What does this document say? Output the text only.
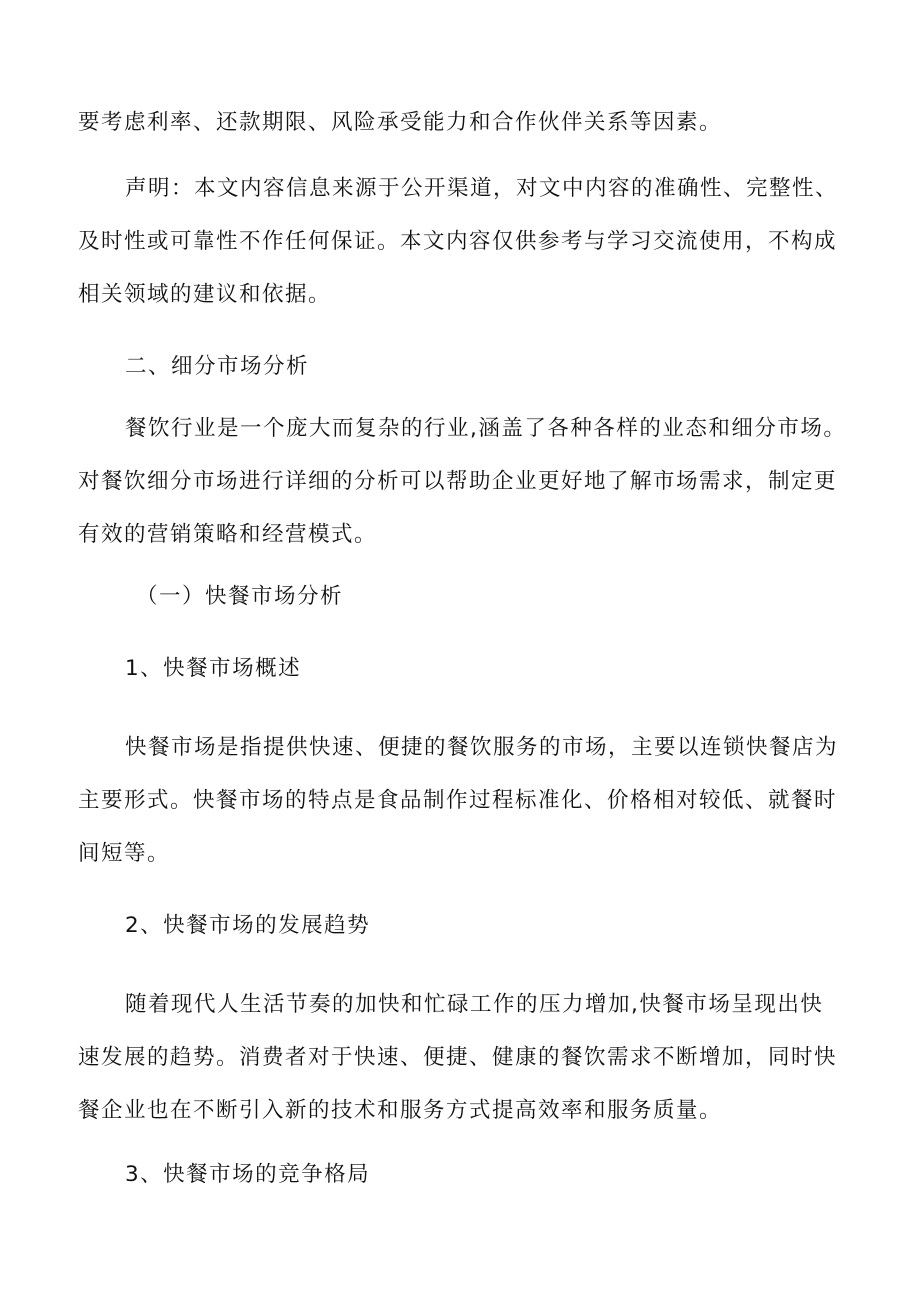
要考虑利率、还款期限、风险承受能力和合作伙伴关系等因素。
声明：本文内容信息来源于公开渠道，对文中内容的准确性、完整性、
及时性或可靠性不作任何保证。本文内容仅供参考与学习交流使用，不构成
相关领域的建议和依据。
二、细分市场分析
餐饮行业是一个庞大而复杂的行业,涵盖了各种各样的业态和细分市场。
对餐饮细分市场进行详细的分析可以帮助企业更好地了解市场需求，制定更
有效的营销策略和经营模式。
（一）快餐市场分析
1、快餐市场概述
快餐市场是指提供快速、便捷的餐饮服务的市场，主要以连锁快餐店为
主要形式。快餐市场的特点是食品制作过程标准化、价格相对较低、就餐时
间短等。
2、快餐市场的发展趋势
随着现代人生活节奏的加快和忙碌工作的压力增加,快餐市场呈现出快
速发展的趋势。消费者对于快速、便捷、健康的餐饮需求不断增加，同时快
餐企业也在不断引入新的技术和服务方式提高效率和服务质量。
3、快餐市场的竞争格局
